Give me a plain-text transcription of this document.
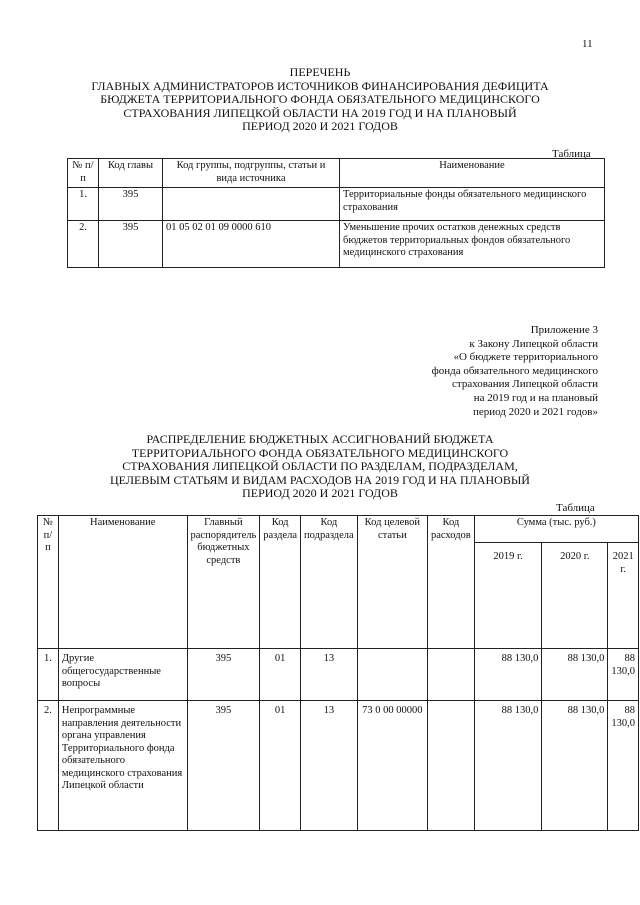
11
ПЕРЕЧЕНЬ
ГЛАВНЫХ АДМИНИСТРАТОРОВ ИСТОЧНИКОВ ФИНАНСИРОВАНИЯ ДЕФИЦИТА
БЮДЖЕТА ТЕРРИТОРИАЛЬНОГО ФОНДА ОБЯЗАТЕЛЬНОГО МЕДИЦИНСКОГО
СТРАХОВАНИЯ ЛИПЕЦКОЙ ОБЛАСТИ НА 2019 ГОД И НА ПЛАНОВЫЙ
ПЕРИОД 2020 И 2021 ГОДОВ
Таблица
№ п/п	Код главы	Код группы, подгруппы, статьи и вида источника	Наименование
1.	395		Территориальные фонды обязательного медицинского страхования
2.	395	01 05 02 01 09 0000 610	Уменьшение прочих остатков денежных средств бюджетов территориальных фондов обязательного медицинского страхования
Приложение 3
к Закону Липецкой области
«О бюджете территориального
фонда обязательного медицинского
страхования Липецкой области
на 2019 год и на плановый
период 2020 и 2021 годов»
РАСПРЕДЕЛЕНИЕ БЮДЖЕТНЫХ АССИГНОВАНИЙ БЮДЖЕТА
ТЕРРИТОРИАЛЬНОГО ФОНДА ОБЯЗАТЕЛЬНОГО МЕДИЦИНСКОГО
СТРАХОВАНИЯ ЛИПЕЦКОЙ ОБЛАСТИ ПО РАЗДЕЛАМ, ПОДРАЗДЕЛАМ,
ЦЕЛЕВЫМ СТАТЬЯМ И ВИДАМ РАСХОДОВ НА 2019 ГОД И НА ПЛАНОВЫЙ
ПЕРИОД 2020 И 2021 ГОДОВ
Таблица
№ п/п	Наименование	Главный распорядитель бюджетных средств	Код раздела	Код подраздела	Код целевой статьи	Код расходов	Сумма (тыс. руб.)		
							2019 г.	2020 г.	2021 г.
1.	Другие общегосударственные вопросы	395	01	13			88 130,0	88 130,0	88 130,0
2.	Непрограммные направления деятельности органа управления Территориального фонда обязательного медицинского страхования Липецкой области	395	01	13	73 0 00 00000		88 130,0	88 130,0	88 130,0
